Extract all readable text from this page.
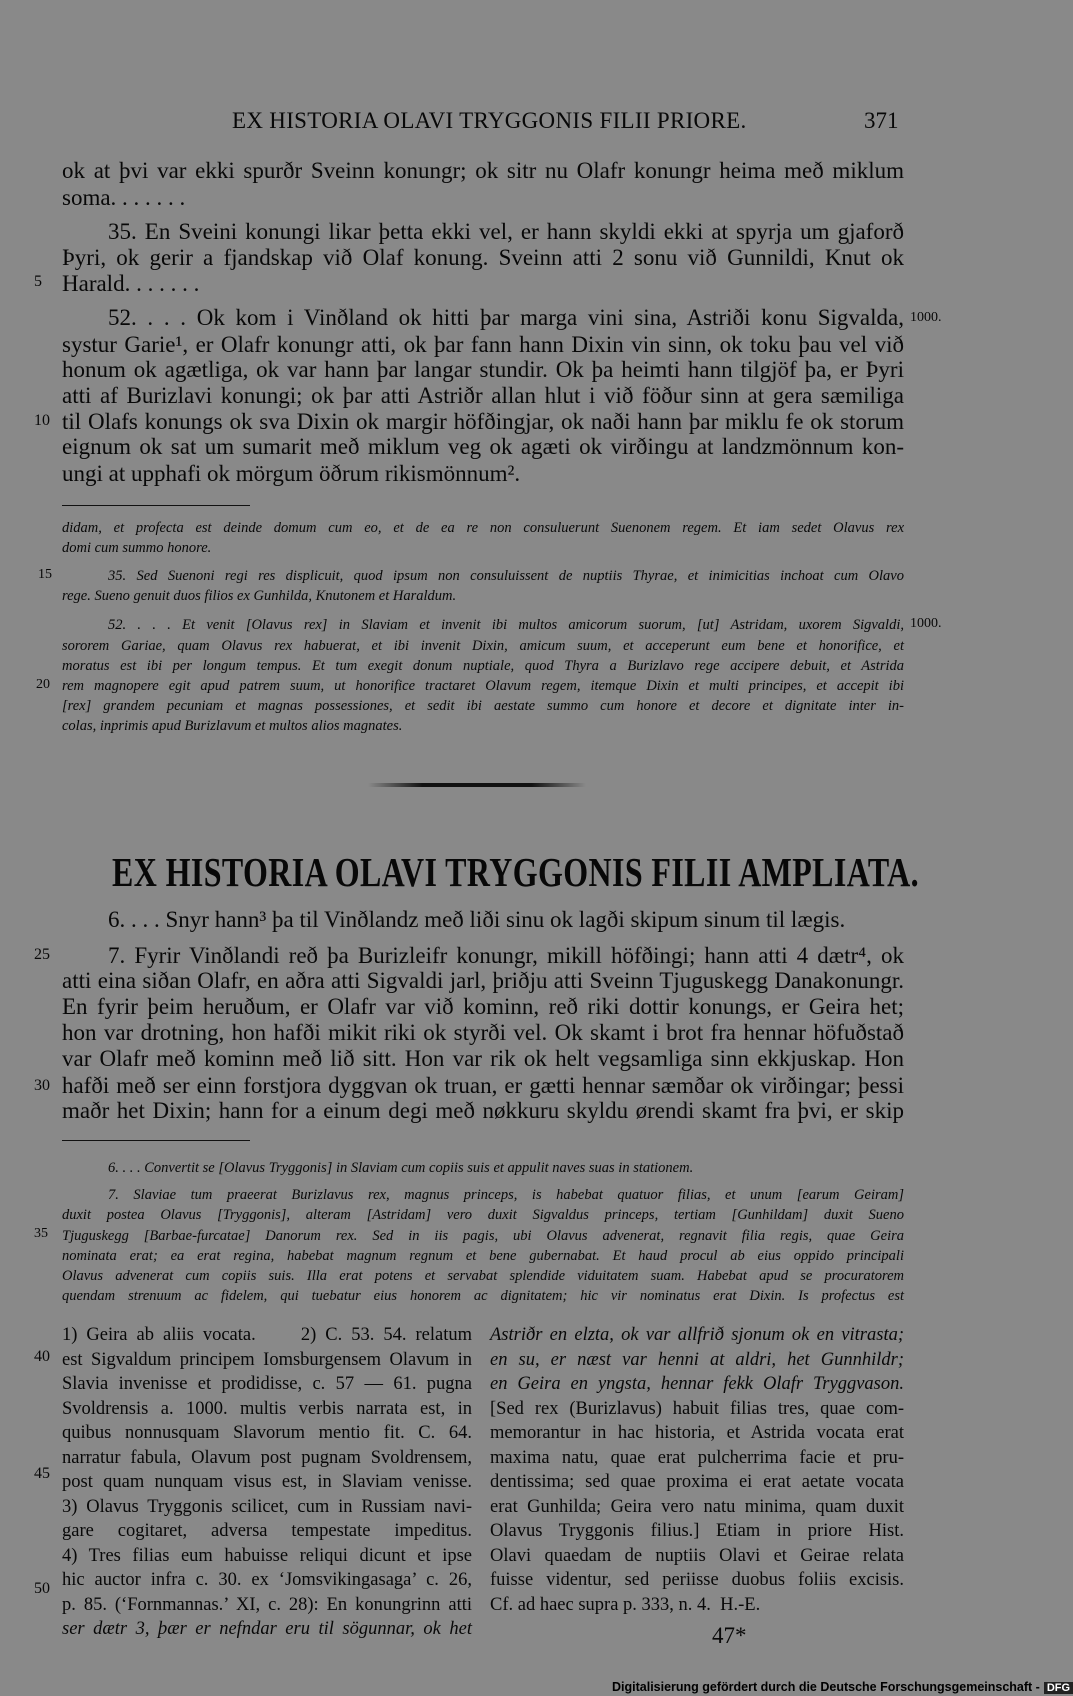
EX HISTORIA OLAVI TRYGGONIS FILII PRIORE.	371
ok at þvi var ekki spurðr Sveinn konungr; ok sitr nu Olafr konungr heima með miklum
soma. . . . . . .
35. En Sveini konungi likar þetta ekki vel, er hann skyldi ekki at spyrja um gjaforð
Þyri, ok gerir a fjandskap við Olaf konung. Sveinn atti 2 sonu við Gunnildi, Knut ok
Harald. . . . . . .
52. . . . Ok kom i Vinðland ok hitti þar marga vini sina, Astriði konu Sigvalda,
systur Garie¹, er Olafr konungr atti, ok þar fann hann Dixin vin sinn, ok toku þau vel við
honum ok agætliga, ok var hann þar langar stundir. Ok þa heimti hann tilgjöf þa, er Þyri
atti af Burizlavi konungi; ok þar atti Astriðr allan hlut i við föður sinn at gera sæmiliga
til Olafs konungs ok sva Dixin ok margir höfðingjar, ok naði hann þar miklu fe ok storum
eignum ok sat um sumarit með miklum veg ok agæti ok virðingu at landzmönnum kon-
ungi at upphafi ok mörgum öðrum rikismönnum².
5
10
15
20
25
30
35
40
45
50
1000.
1000.
didam, et profecta est deinde domum cum eo, et de ea re non consuluerunt Suenonem regem. Et iam sedet Olavus rex
domi cum summo honore.
35. Sed Suenoni regi res displicuit, quod ipsum non consuluissent de nuptiis Thyrae, et inimicitias inchoat cum Olavo
rege. Sueno genuit duos filios ex Gunhilda, Knutonem et Haraldum.
52. . . . Et venit [Olavus rex] in Slaviam et invenit ibi multos amicorum suorum, [ut] Astridam, uxorem Sigvaldi,
sororem Gariae, quam Olavus rex habuerat, et ibi invenit Dixin, amicum suum, et acceperunt eum bene et honorifice, et
moratus est ibi per longum tempus. Et tum exegit donum nuptiale, quod Thyra a Burizlavo rege accipere debuit, et Astrida
rem magnopere egit apud patrem suum, ut honorifice tractaret Olavum regem, itemque Dixin et multi principes, et accepit ibi
[rex] grandem pecuniam et magnas possessiones, et sedit ibi aestate summo cum honore et decore et dignitate inter in-
colas, inprimis apud Burizlavum et multos alios magnates.
EX HISTORIA OLAVI TRYGGONIS FILII AMPLIATA.
6. . . . Snyr hann³ þa til Vinðlandz með liði sinu ok lagði skipum sinum til lægis.
7. Fyrir Vinðlandi reð þa Burizleifr konungr, mikill höfðingi; hann atti 4 dætr⁴, ok
atti eina siðan Olafr, en aðra atti Sigvaldi jarl, þriðju atti Sveinn Tjuguskegg Danakonungr.
En fyrir þeim heruðum, er Olafr var við kominn, reð riki dottir konungs, er Geira het;
hon var drotning, hon hafði mikit riki ok styrði vel. Ok skamt i brot fra hennar höfuðstað
var Olafr með kominn með lið sitt. Hon var rik ok helt vegsamliga sinn ekkjuskap. Hon
hafði með ser einn forstjora dyggvan ok truan, er gætti hennar sæmðar ok virðingar; þessi
maðr het Dixin; hann for a einum degi með nøkkuru skyldu ørendi skamt fra þvi, er skip
6. . . . Convertit se [Olavus Tryggonis] in Slaviam cum copiis suis et appulit naves suas in stationem.
7. Slaviae tum praeerat Burizlavus rex, magnus princeps, is habebat quatuor filias, et unum [earum Geiram]
duxit postea Olavus [Tryggonis], alteram [Astridam] vero duxit Sigvaldus princeps, tertiam [Gunhildam] duxit Sueno
Tjuguskegg [Barbae-furcatae] Danorum rex. Sed in iis pagis, ubi Olavus advenerat, regnavit filia regis, quae Geira
nominata erat; ea erat regina, habebat magnum regnum et bene gubernabat. Et haud procul ab eius oppido principali
Olavus advenerat cum copiis suis. Illa erat potens et servabat splendide viduitatem suam. Habebat apud se procuratorem
quendam strenuum ac fidelem, qui tuebatur eius honorem ac dignitatem; hic vir nominatus erat Dixin. Is profectus est
1) Geira ab aliis vocata.     2) C. 53. 54. relatum
est Sigvaldum principem Iomsburgensem Olavum in
Slavia invenisse et prodidisse, c. 57 — 61. pugna
Svoldrensis a. 1000. multis verbis narrata est, in
quibus nonnusquam Slavorum mentio fit. C. 64.
narratur fabula, Olavum post pugnam Svoldrensem,
post quam nunquam visus est, in Slaviam venisse.
3) Olavus Tryggonis scilicet, cum in Russiam navi-
gare cogitaret, adversa tempestate impeditus.
4) Tres filias eum habuisse reliqui dicunt et ipse
hic auctor infra c. 30. ex ‘Jomsvikingasaga’ c. 26,
p. 85. (‘Fornmannas.’ XI, c. 28): En konungrinn atti
ser dætr 3, þær er nefndar eru til sögunnar, ok het
Astriðr en elzta, ok var allfrið sjonum ok en vitrasta;
en su, er næst var henni at aldri, het Gunnhildr;
en Geira en yngsta, hennar fekk Olafr Tryggvason.
[Sed rex (Burizlavus) habuit filias tres, quae com-
memorantur in hac historia, et Astrida vocata erat
maxima natu, quae erat pulcherrima facie et pru-
dentissima; sed quae proxima ei erat aetate vocata
erat Gunhilda; Geira vero natu minima, quam duxit
Olavus Tryggonis filius.] Etiam in priore Hist.
Olavi quaedam de nuptiis Olavi et Geirae relata
fuisse videntur, sed periisse duobus foliis excisis.
Cf. ad haec supra p. 333, n. 4.  H.-E.
47*
Digitalisierung gefördert durch die Deutsche Forschungsgemeinschaft - DFG
